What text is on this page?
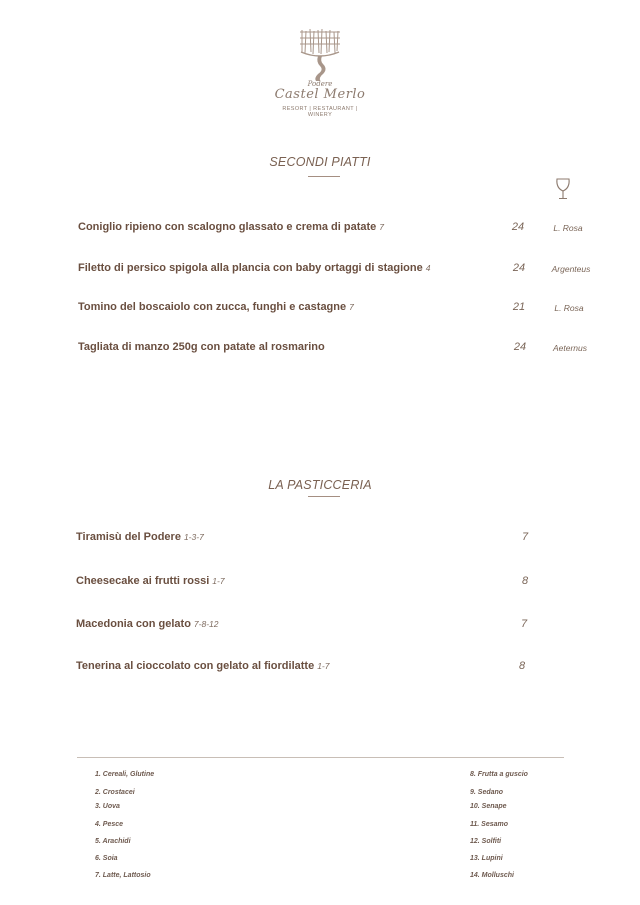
Podere
Castel Merlo
RESORT | RESTAURANT | WINERY
SECONDI PIATTI
Coniglio ripieno con scalogno glassato e crema di patate 7	24	L. Rosa
Filetto di persico spigola alla plancia con baby ortaggi di stagione 4	24	Argenteus
Tomino del boscaiolo con zucca, funghi e castagne 7	21	L. Rosa
Tagliata di manzo 250g con patate al rosmarino	24	Aeternus
LA PASTICCERIA
Tiramisù del Podere 1-3-7	7
Cheesecake ai frutti rossi 1-7	8
Macedonia con gelato 7-8-12	7
Tenerina al cioccolato con gelato al fiordilatte 1-7	8
1. Cereali, Glutine
2. Crostacei
3. Uova
4. Pesce
5. Arachidi
6. Soia
7. Latte, Lattosio
8. Frutta a guscio
9. Sedano
10. Senape
11. Sesamo
12. Solfiti
13. Lupini
14. Molluschi
